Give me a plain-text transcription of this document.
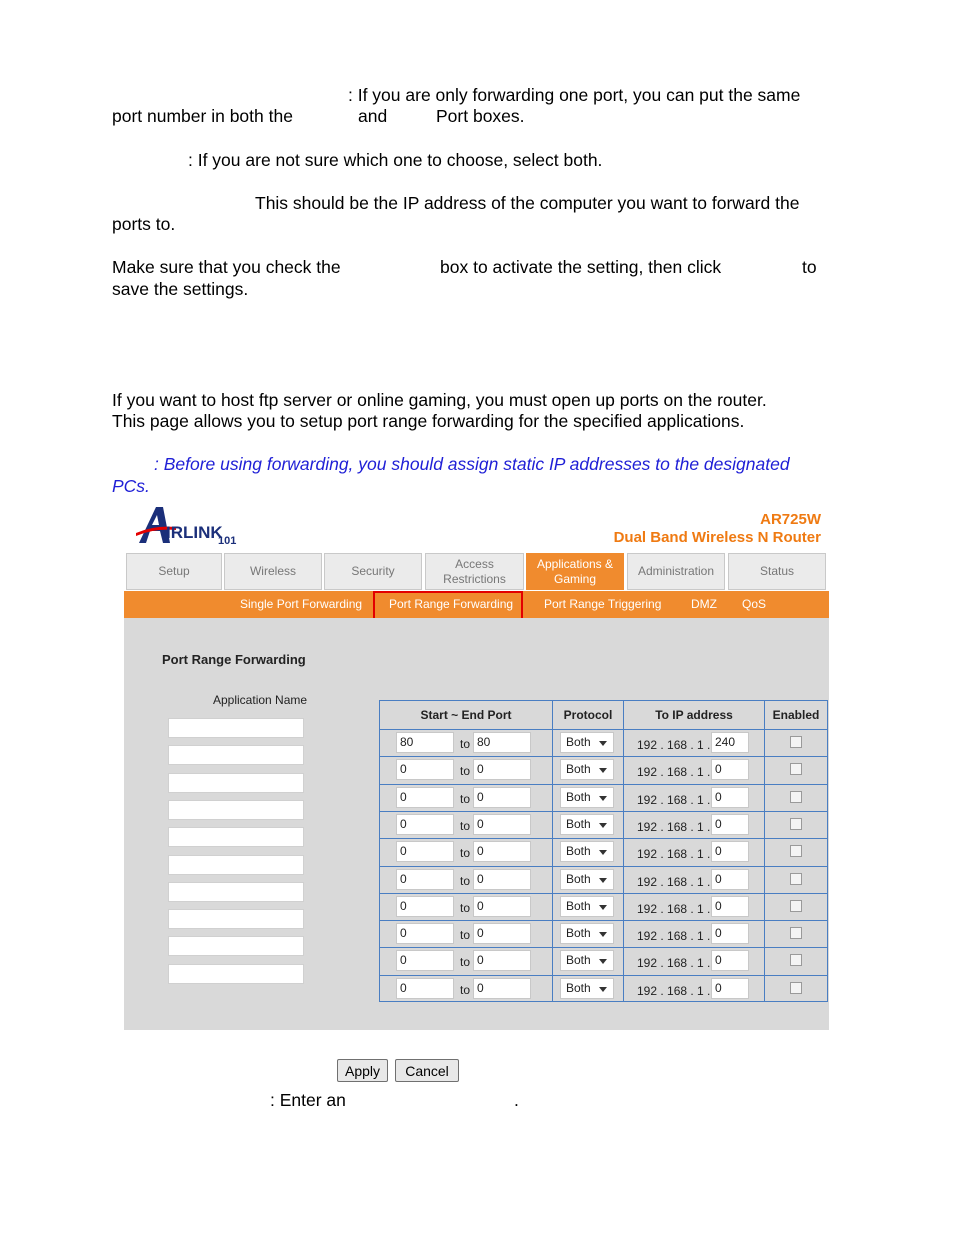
: If you are only forwarding one port, you can put the same
port number in both the	and	Port boxes.
: If you are not sure which one to choose, select both.
This should be the IP address of the computer you want to forward the
ports to.
Make sure that you check the	box to activate the setting, then click	to
save the settings.
If you want to host ftp server or online gaming, you must open up ports on the router.
This page allows you to setup port range forwarding for the specified applications.
: Before using forwarding, you should assign static IP addresses to the designated
PCs.
IRLINK
101
AR725W
Dual Band Wireless N Router
Setup	Wireless	Security
Access Restrictions
Applications & Gaming
Administration	Status
Single Port Forwarding Port Range Forwarding	Port Range Triggering DMZ QoS
Port Range Forwarding
Application Name
Start ~ End Port	Protocol	To IP address	Enabled
80	to 80	Both	192 . 168 . 1 . 240
0	to 0	Both	192 . 168 . 1 . 0
0	to 0	Both	192 . 168 . 1 . 0
0	to 0	Both	192 . 168 . 1 . 0
0	to 0	Both	192 . 168 . 1 . 0
0	to 0	Both	192 . 168 . 1 . 0
0	to 0	Both	192 . 168 . 1 . 0
0	to 0	Both	192 . 168 . 1 . 0
0	to 0	Both	192 . 168 . 1 . 0
0	to 0	Both	192 . 168 . 1 . 0
Apply	Cancel
: Enter an	.
